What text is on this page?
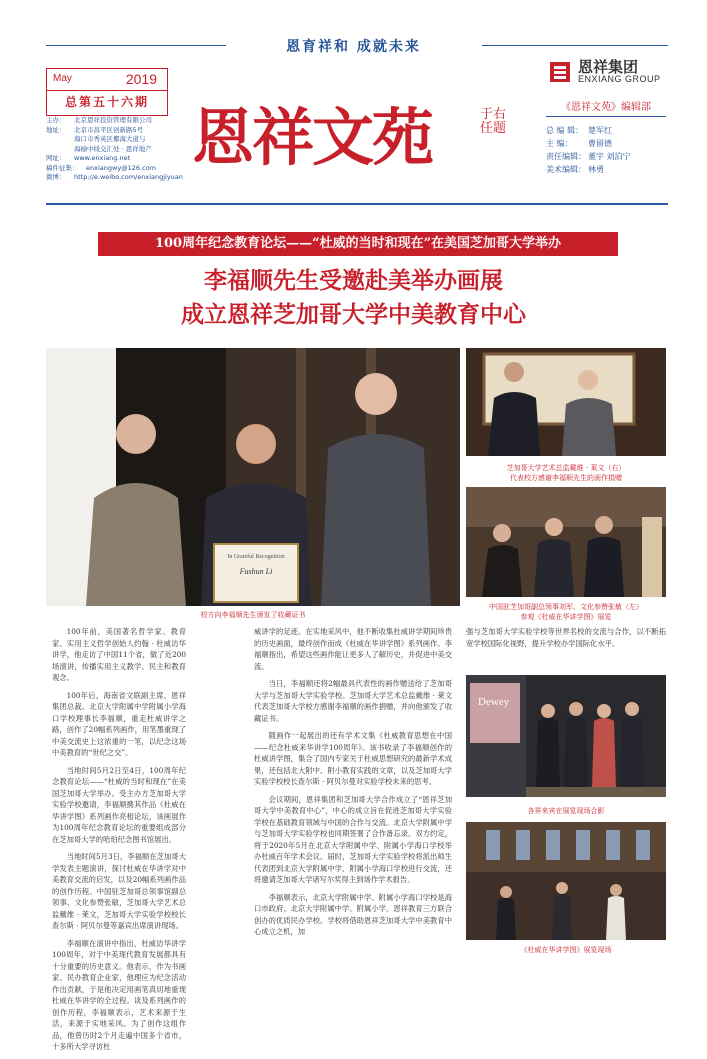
恩育祥和 成就未来
May	2019
总第五十六期
主办：	北京恩祥投资管理有限公司
地址：	北京市昌平区创新路5号
海口市秀英区椰海大道与
海榆中线交汇处 · 恩祥地产
网址：	www.enxiang.net
稿件征集：	enxiangwy@126.com
微博：	http://e.weibo.com/enxiangjiyuan
恩祥文苑	于右任题
恩祥集团
ENXIANG GROUP
《恩祥文苑》编辑部
总 编 辑： 楚军红
主 编：	曹留德
责任编辑： 董宇 刘泊宁
美术编辑： 林勇
100周年纪念教育论坛——“杜威的当时和现在”在美国芝加哥大学举办
李福顺先生受邀赴美举办画展
成立恩祥芝加哥大学中美教育中心
In Grateful Recognition
Fushun Li
校方向李福顺先生颁发了收藏证书
芝加哥大学艺术总监戴维 · 莱文（右）
代表校方感谢李福顺先生的画作捐赠
中国驻芝加哥副总领事刘军、文化参赞张敏（左）
参观《杜威在华讲学图》展览
Dewey
各界来宾在展览现场合影
《杜威在华讲学图》展览现场

100年前，美国著名哲学家、教育家、实用主义哲学创始人约翰 · 杜威访华讲学，他走访了中国11个省，做了近200场演讲，传播实用主义教学、民主和教育观念。

100年后，海南省文联副主席、恩祥集团总裁、北京大学附属中学附属小学海口学校理事长李福顺，重走杜威讲学之路，创作了20幅系列画作，用笔墨重现了中美交流史上这浓重的一笔，以纪念这场中美教育的“世纪之交”。

当地时间5月2日至4日，100周年纪念教育论坛——“杜威的当时和现在”在美国芝加哥大学举办。受主办方芝加哥大学实验学校邀请，李福顺携其作品《杜威在华讲学图》系列画作亮相论坛，该画展作为100周年纪念教育论坛的重要组成部分在芝加哥大学的哈珀纪念图书馆展出。

当地时间5月3日，李福顺在芝加哥大学发表主题演讲，探讨杜威在华讲学对中美教育交流的启发，以及20幅系列画作品的创作历程。中国驻芝加哥总领事馆副总领事、文化参赞张敏，芝加哥大学艺术总监戴维 · 莱文，芝加哥大学实验学校校长查尔斯 · 阿贝尔曼等嘉宾出席演讲现场。

李福顺在演讲中指出，杜威访华讲学100周年，对于中美现代教育发展都具有十分重要的历史意义。他表示，作为书画家、民办教育企业家，他理应为纪念活动作出贡献，于是他决定用画笔真切地重现杜威在华讲学的全过程。谈及系列画作的创作历程，李福顺表示，艺术来源于生活，来源于实地采风。为了创作这组作品，他曾历时2个月走遍中国多个省市，十多所大学寻访杜

威讲学的足迹。在实地采风中，他不断收集杜威讲学期间珍贵的历史画面，最终创作而成《杜威在华讲学图》系列画作。李福顺指出，希望这些画作能让更多人了解历史，并促进中美交流。

当日，李福顺还将2幅最具代表性的画作赠送给了芝加哥大学与芝加哥大学实验学校。芝加哥大学艺术总监戴维 · 莱文代表芝加哥大学校方感谢李福顺的画作捐赠，并向他颁发了收藏证书。

随画作一起展出的还有学术文集《杜威教育思想在中国——纪念杜威来华讲学100周年》。该书收录了李福顺创作的杜威讲学图，集合了国内专家关于杜威思想研究的最新学术成果，还包括北大附中、附小教育实践的文章，以及芝加哥大学实验学校校长查尔斯 · 阿贝尔曼对实验学校未来的思考。

会议期间，恩祥集团和芝加哥大学合作成立了“恩祥芝加哥大学中美教育中心”，中心的成立旨在促进芝加哥大学实验学校在基础教育领域与中国的合作与交流。北京大学附属中学与芝加哥大学实验学校也同期签署了合作备忘录。双方约定，将于2020年5月在北京大学附属中学、附属小学海口学校举办杜威百年学术会议。届时，芝加哥大学实验学校将派出师生代表团到北京大学附属中学、附属小学海口学校进行交流，还将邀请芝加哥大学诸写尔奖得主到场作学术报告。

李福顺表示，北京大学附属中学、附属小学海口学校是海口市政府、北京大学附属中学、附属小学、恩祥教育三方联合创办的优质民办学校。学校将借助恩祥芝加哥大学中美教育中心成立之机，加

强与芝加哥大学实验学校等世界名校的交流与合作，以不断拓宽学校国际化视野，提升学校办学国际化水平。
